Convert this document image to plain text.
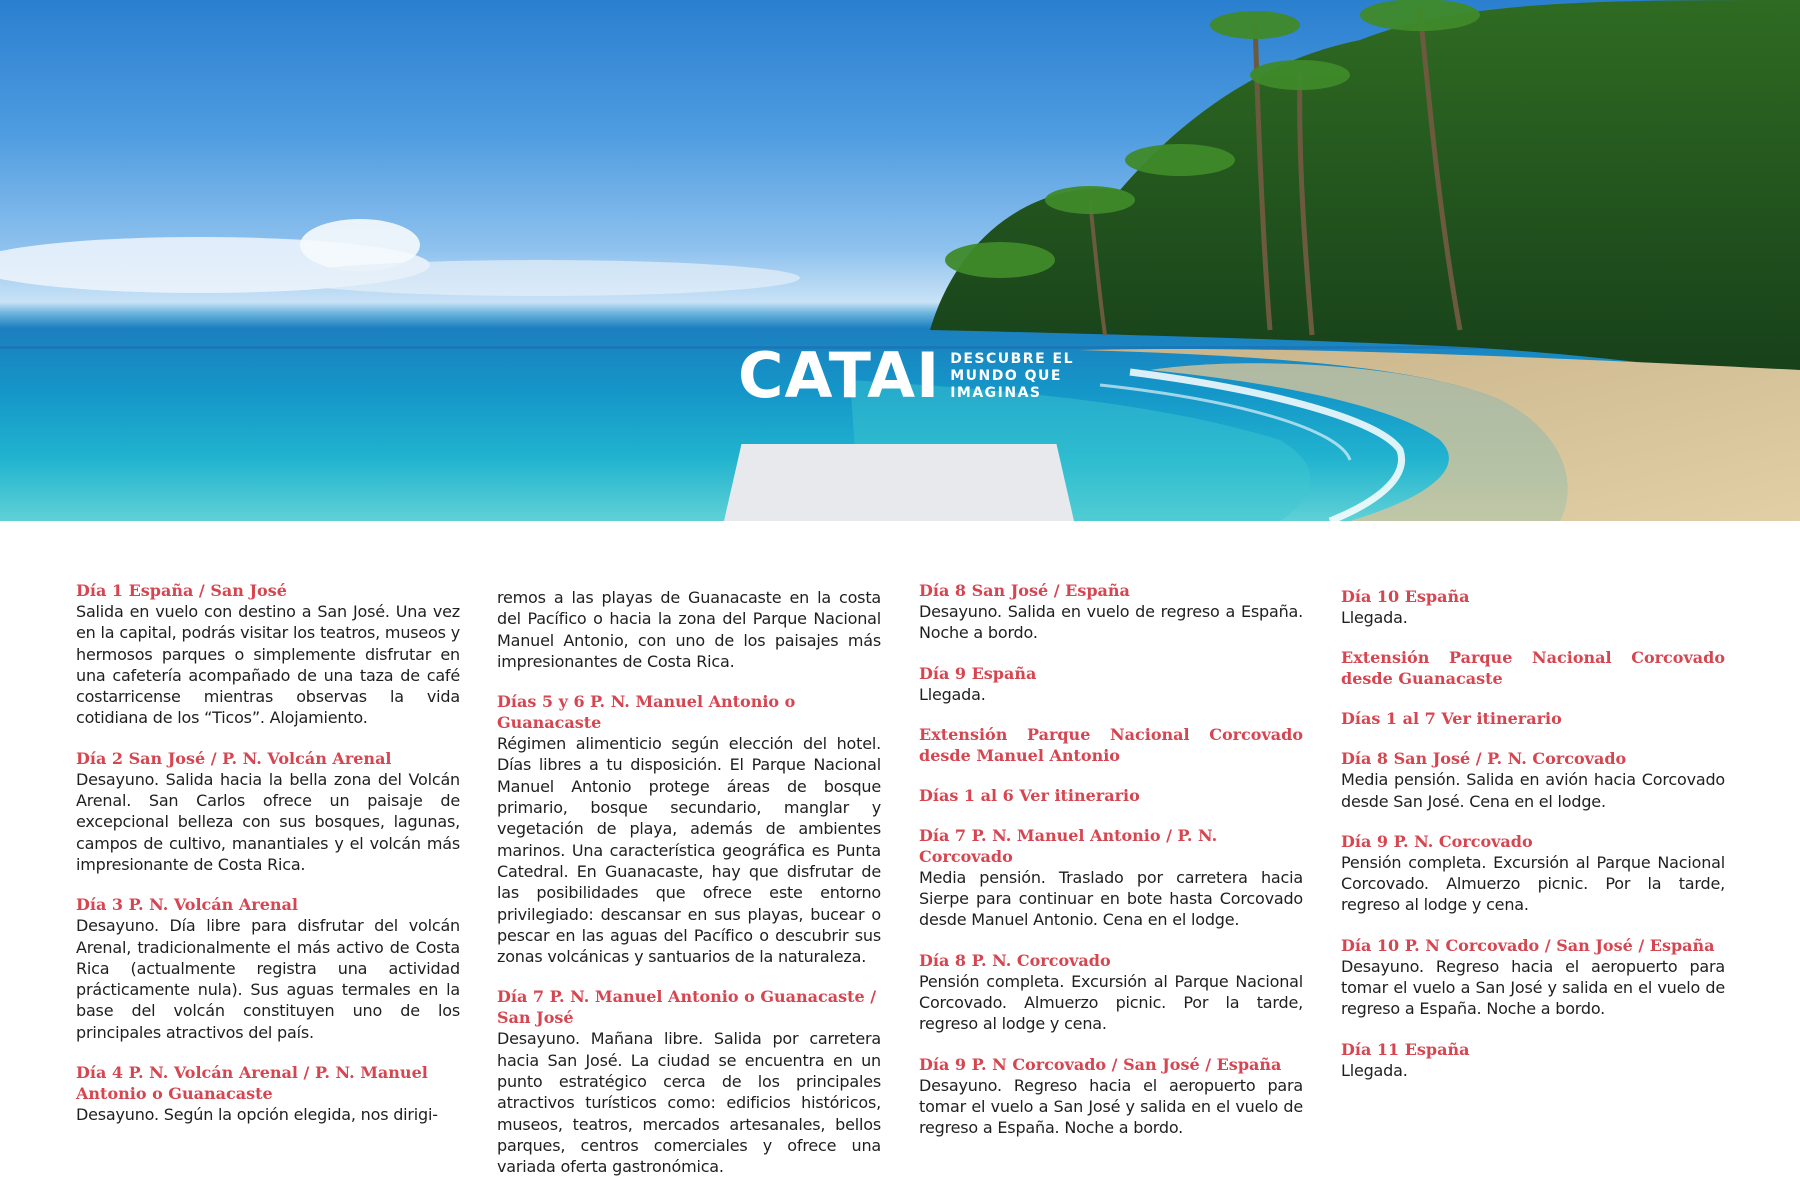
CATAI DESCUBRE EL
MUNDO QUE
IMAGINAS
Día 1 España / San José
Salida en vuelo con destino a San José. Una vez en la capital, podrás visitar los teatros, museos y hermosos parques o simplemente disfrutar en una cafetería acompañado de una taza de café costarricense mientras observas la vida cotidiana de los “Ticos”. Alojamiento.
Día 2 San José / P. N. Volcán Arenal
Desayuno. Salida hacia la bella zona del Volcán Arenal. San Carlos ofrece un paisaje de excepcional belleza con sus bosques, lagunas, campos de cultivo, manantiales y el volcán más impresionante de Costa Rica.
Día 3 P. N. Volcán Arenal
Desayuno. Día libre para disfrutar del volcán Arenal, tradicionalmente el más activo de Costa Rica (actualmente registra una actividad prácticamente nula). Sus aguas termales en la base del volcán constituyen uno de los principales atractivos del país.
Día 4 P. N. Volcán Arenal / P. N. Manuel Antonio o Guanacaste
Desayuno. Según la opción elegida, nos dirigi-
remos a las playas de Guanacaste en la costa del Pacífico o hacia la zona del Parque Nacional Manuel Antonio, con uno de los paisajes más impresionantes de Costa Rica.
Días 5 y 6 P. N. Manuel Antonio o Guanacaste
Régimen alimenticio según elección del hotel. Días libres a tu disposición. El Parque Nacional Manuel Antonio protege áreas de bosque primario, bosque secundario, manglar y vegetación de playa, además de ambientes marinos. Una característica geográfica es Punta Catedral. En Guanacaste, hay que disfrutar de las posibilidades que ofrece este entorno privilegiado: descansar en sus playas, bucear o pescar en las aguas del Pacífico o descubrir sus zonas volcánicas y santuarios de la naturaleza.
Día 7 P. N. Manuel Antonio o Guanacaste / San José
Desayuno. Mañana libre. Salida por carretera hacia San José. La ciudad se encuentra en un punto estratégico cerca de los principales atractivos turísticos como: edificios históricos, museos, teatros, mercados artesanales, bellos parques, centros comerciales y ofrece una variada oferta gastronómica.
Día 8 San José / España
Desayuno. Salida en vuelo de regreso a España. Noche a bordo.
Día 9 España
Llegada.
Extensión Parque Nacional Corcovado desde Manuel Antonio
Días 1 al 6 Ver itinerario
Día 7 P. N. Manuel Antonio / P. N. Corcovado
Media pensión. Traslado por carretera hacia Sierpe para continuar en bote hasta Corcovado desde Manuel Antonio. Cena en el lodge.
Día 8 P. N. Corcovado
Pensión completa. Excursión al Parque Nacional Corcovado. Almuerzo picnic. Por la tarde, regreso al lodge y cena.
Día 9 P. N Corcovado / San José / España
Desayuno. Regreso hacia el aeropuerto para tomar el vuelo a San José y salida en el vuelo de regreso a España. Noche a bordo.
Día 10 España
Llegada.
Extensión Parque Nacional Corcovado desde Guanacaste
Días 1 al 7 Ver itinerario
Día 8 San José / P. N. Corcovado
Media pensión. Salida en avión hacia Corcovado desde San José. Cena en el lodge.
Día 9 P. N. Corcovado
Pensión completa. Excursión al Parque Nacional Corcovado. Almuerzo picnic. Por la tarde, regreso al lodge y cena.
Día 10 P. N Corcovado / San José / España
Desayuno. Regreso hacia el aeropuerto para tomar el vuelo a San José y salida en el vuelo de regreso a España. Noche a bordo.
Día 11 España
Llegada.
